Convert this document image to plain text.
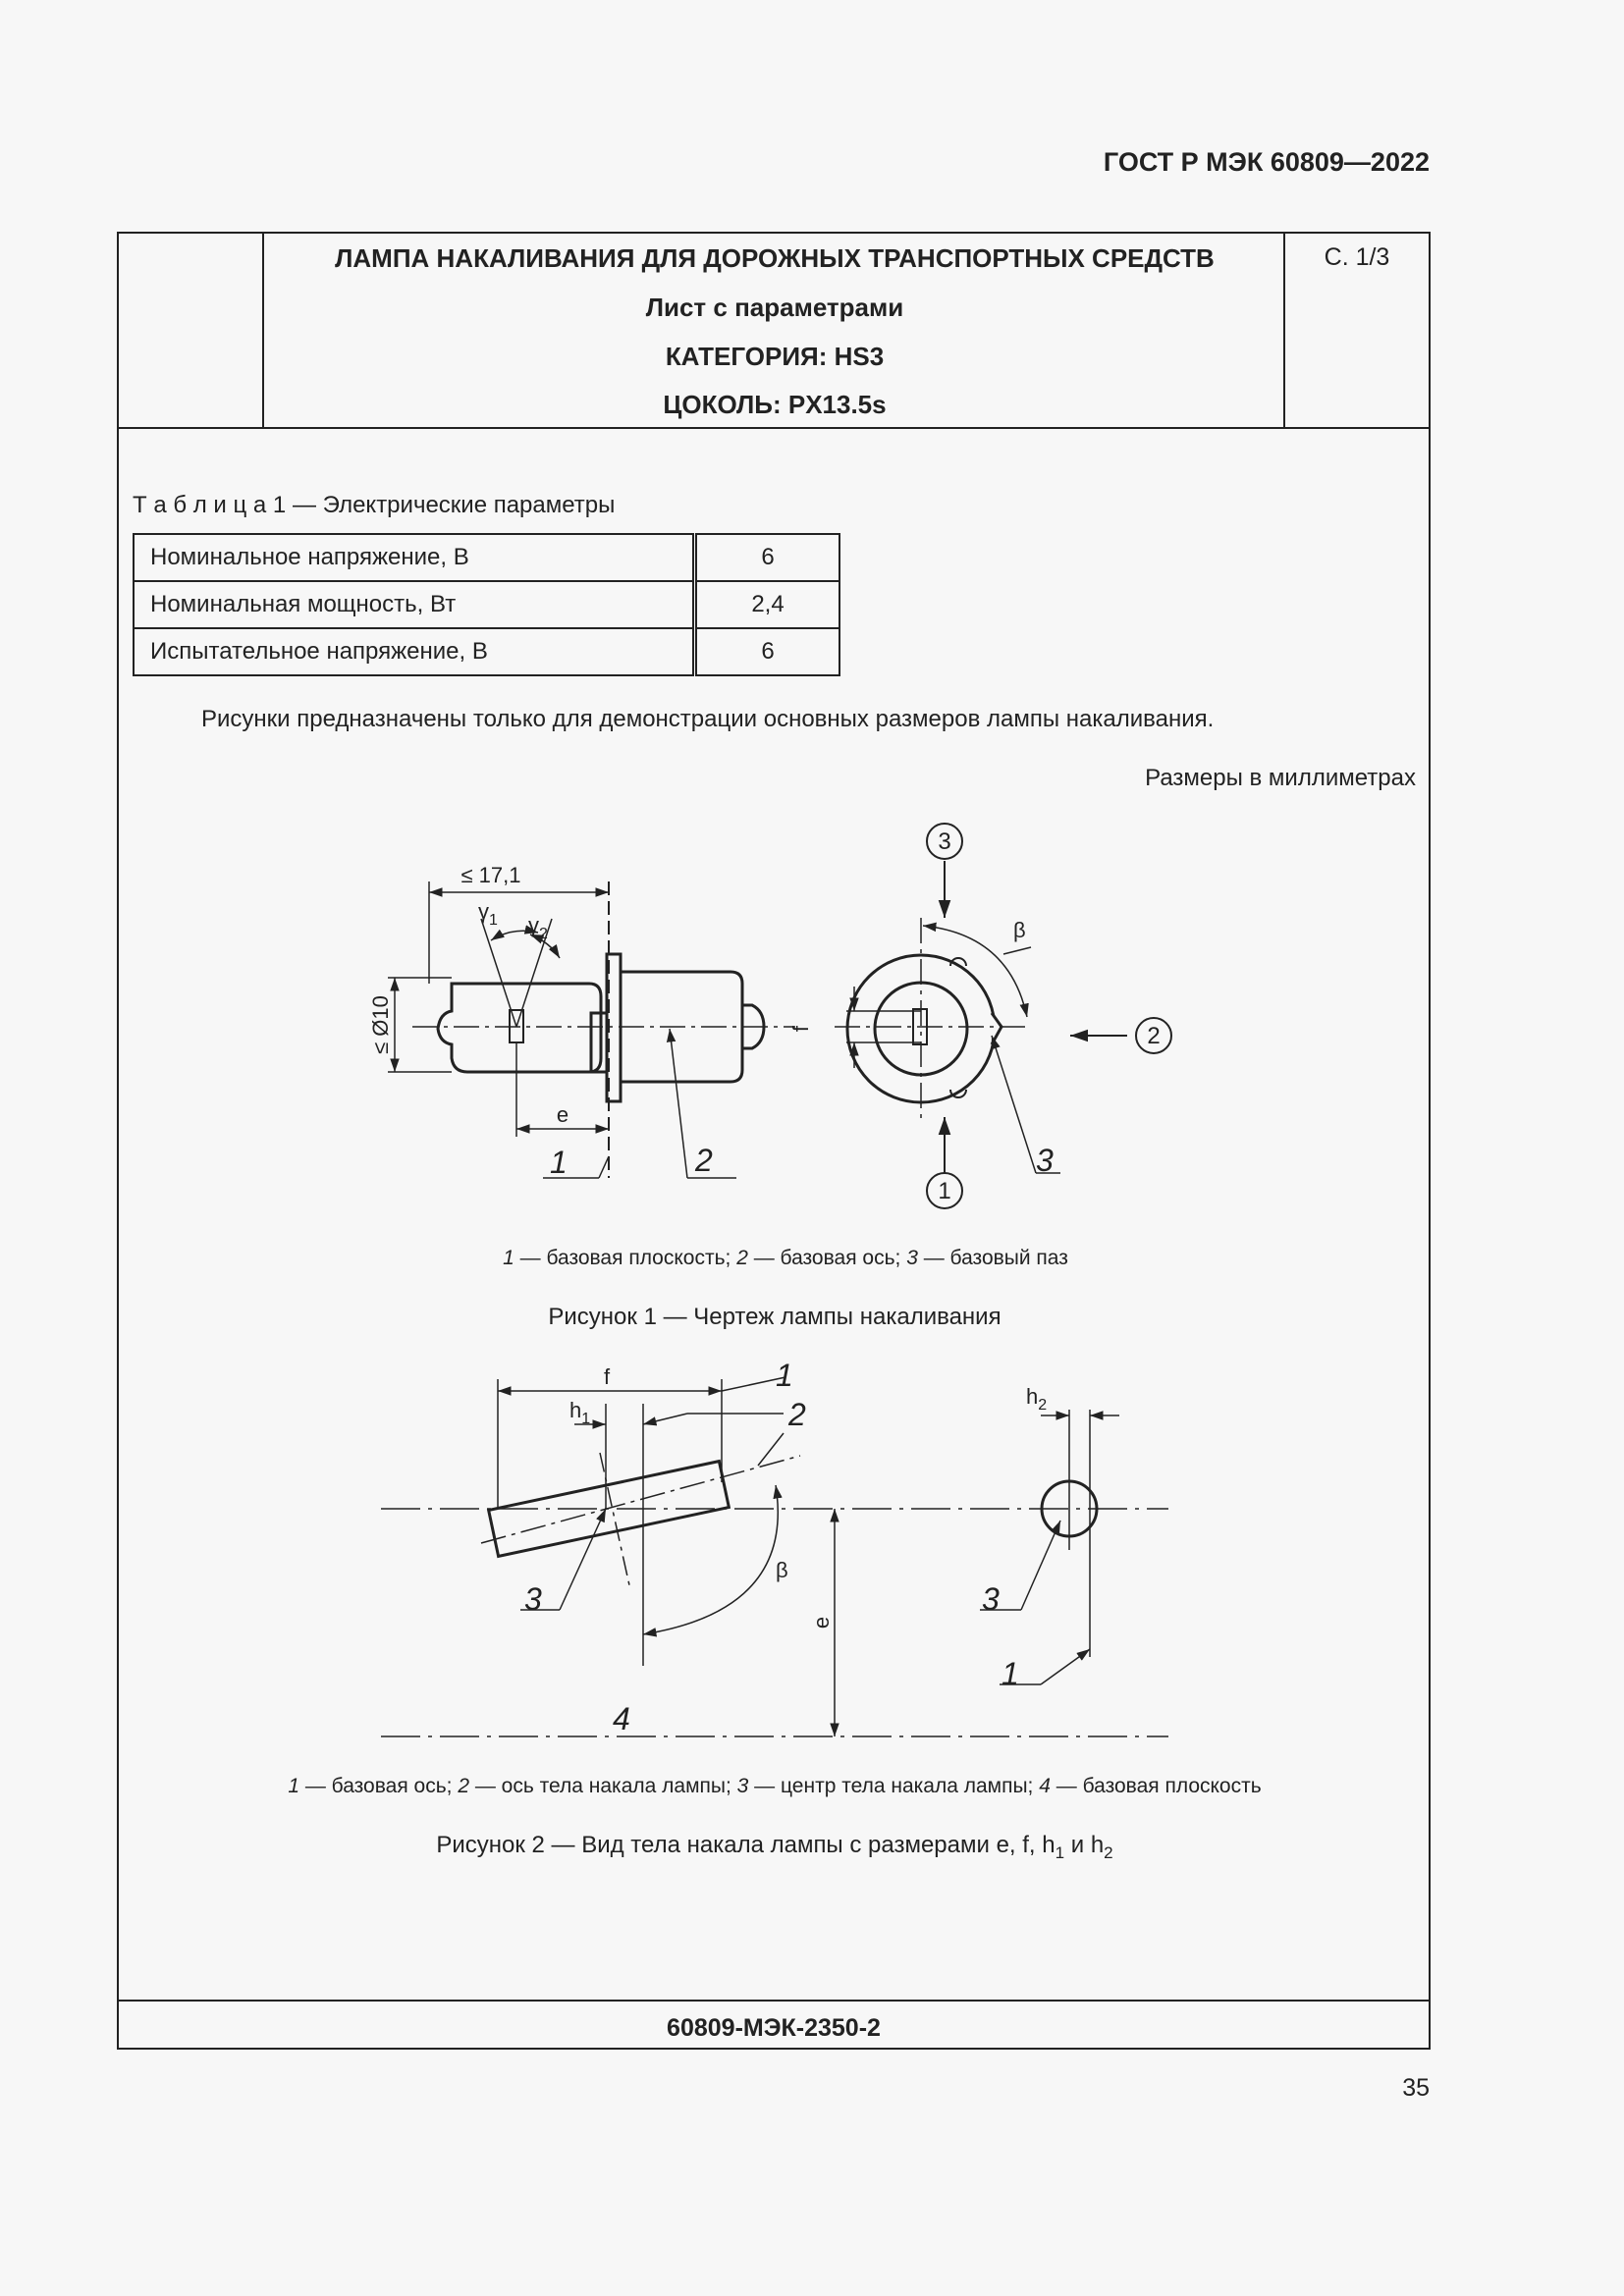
ГОСТ Р МЭК 60809—2022
ЛАМПА НАКАЛИВАНИЯ ДЛЯ ДОРОЖНЫХ ТРАНСПОРТНЫХ СРЕДСТВ
Лист с параметрами
КАТЕГОРИЯ: HS3
ЦОКОЛЬ: PX13.5s
С. 1/3
Т а б л и ц а 1 — Электрические параметры
Номинальное напряжение, В	6
Номинальная мощность, Вт	2,4
Испытательное напряжение, В	6
Рисунки предназначены только для демонстрации основных размеров лампы накаливания.
Размеры в миллиметрах
≤ 17,1
≤ Ø10
e
f
$\gamma_1$ $\gamma_2$	β
1	2	3
3
1
2
1 — базовая плоскость; 2 — базовая ось; 3 — базовый паз
Рисунок 1 — Чертеж лампы накаливания
f
$h_1$
$h_2$
e
β
1
2
3	3
1
4
1 — базовая ось; 2 — ось тела накала лампы; 3 — центр тела накала лампы; 4 — базовая плоскость
Рисунок 2 — Вид тела накала лампы с размерами e, f, $h_1$ и $h_2$
60809-МЭК-2350-2
35
